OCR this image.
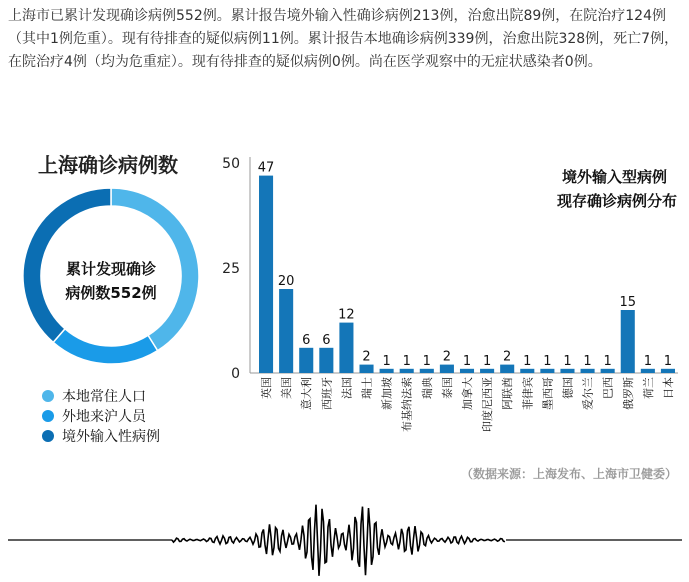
上海市已累计发现确诊病例552例。累计报告境外输入性确诊病例213例，治愈出院89例，在院治疗124例（其中1例危重）。现有待排查的疑似病例11例。累计报告本地确诊病例339例，治愈出院328例，死亡7例，在院治疗4例（均为危重症）。现有待排查的疑似病例0例。尚在医学观察中的无症状感染者0例。

上海确诊病例数
累计发现确诊
病例数552例
本地常住人口
外地来沪人员
境外输入性病例
0
25
50
境外输入型病例
现存确诊病例分布
47
英国
20
美国
6
意大利
6
西班牙
12
法国
2
瑞士
1
新加坡
1
布基纳法索
1
瑞典
2
泰国
1
加拿大
1
印度尼西亚
2
阿联酋
1
菲律宾
1
墨西哥
1
德国
1
爱尔兰
1
巴西
15
俄罗斯
1
荷兰
1
日本
（数据来源：上海发布、上海市卫健委）
